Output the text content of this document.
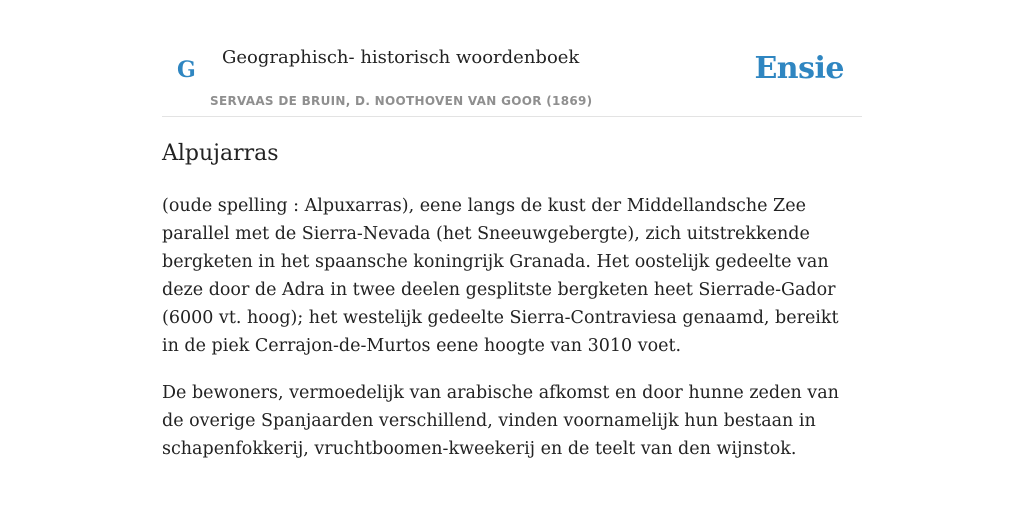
G Geographisch- historisch woordenboek
SERVAAS DE BRUIN, D. NOOTHOVEN VAN GOOR (1869)
Ensie
Alpujarras

(oude spelling : Alpuxarras), eene langs de kust der Middellandsche Zee parallel met de Sierra-Nevada (het Sneeuwgebergte), zich uitstrekkende bergketen in het spaansche koningrijk Granada. Het oostelijk gedeelte van deze door de Adra in twee deelen gesplitste bergketen heet Sierrade-Gador (6000 vt. hoog); het westelijk gedeelte Sierra-Contraviesa genaamd, bereikt in de piek Cerrajon-de-Murtos eene hoogte van 3010 voet.

De bewoners, vermoedelijk van arabische afkomst en door hunne zeden van de overige Spanjaarden verschillend, vinden voornamelijk hun bestaan in schapenfokkerij, vruchtboomen-kweekerij en de teelt van den wijnstok.
